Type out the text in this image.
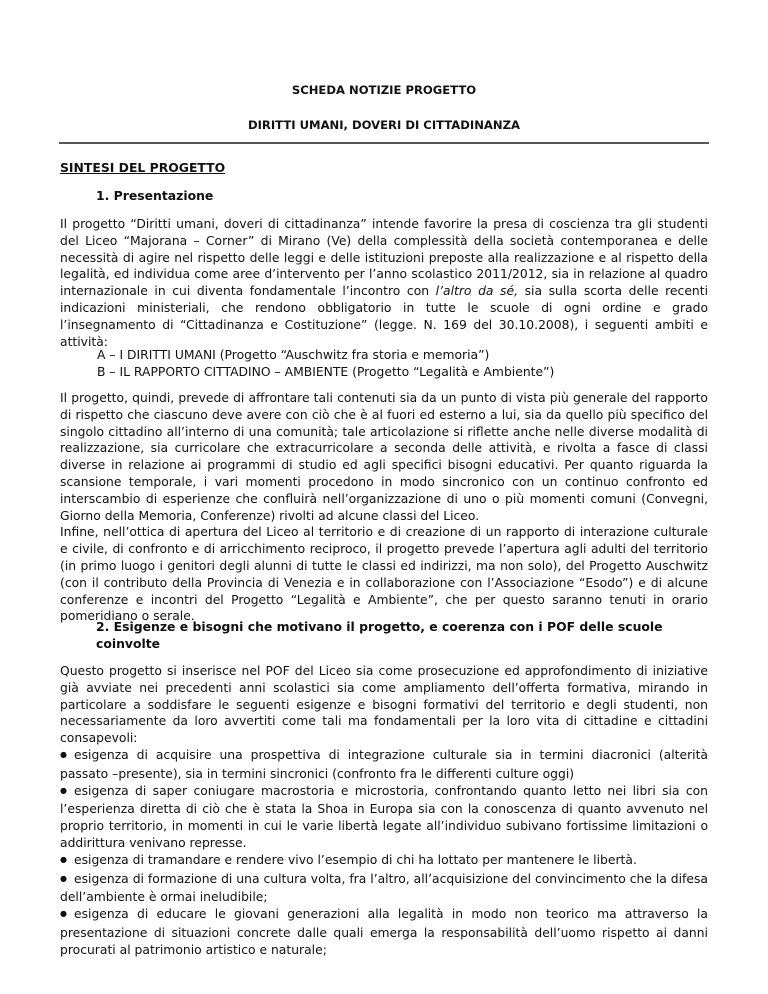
SCHEDA NOTIZIE PROGETTO
DIRITTI UMANI, DOVERI DI CITTADINANZA
SINTESI DEL PROGETTO
1. Presentazione

Il progetto “Diritti umani, doveri di cittadinanza” intende favorire la presa di coscienza tra gli studenti del Liceo “Majorana – Corner” di Mirano (Ve) della complessità della società contemporanea e delle necessità di agire nel rispetto delle leggi e delle istituzioni preposte alla realizzazione e al rispetto della legalità, ed individua come aree d’intervento per l’anno scolastico 2011/2012, sia in relazione al quadro internazionale in cui diventa fondamentale l’incontro con l’altro da sé, sia sulla scorta delle recenti indicazioni ministeriali, che rendono obbligatorio in tutte le scuole di ogni ordine e grado l’insegnamento di “Cittadinanza e Costituzione” (legge. N. 169 del 30.10.2008), i seguenti ambiti e attività:

A – I DIRITTI UMANI (Progetto “Auschwitz fra storia e memoria”)
B – IL RAPPORTO CITTADINO – AMBIENTE (Progetto “Legalità e Ambiente”)

Il progetto, quindi, prevede di affrontare tali contenuti sia da un punto di vista più generale del rapporto di rispetto che ciascuno deve avere con ciò che è al fuori ed esterno a lui, sia da quello più specifico del singolo cittadino all’interno di una comunità; tale articolazione si riflette anche nelle diverse modalità di realizzazione, sia curricolare che extracurricolare a seconda delle attività, e rivolta a fasce di classi diverse in relazione ai programmi di studio ed agli specifici bisogni educativi. Per quanto riguarda la scansione temporale, i vari momenti procedono in modo sincronico con un continuo confronto ed interscambio di esperienze che confluirà nell’organizzazione di uno o più momenti comuni (Convegni, Giorno della Memoria, Conferenze) rivolti ad alcune classi del Liceo.

Infine, nell’ottica di apertura del Liceo al territorio e di creazione di un rapporto di interazione culturale e civile, di confronto e di arricchimento reciproco, il progetto prevede l’apertura agli adulti del territorio (in primo luogo i genitori degli alunni di tutte le classi ed indirizzi, ma non solo), del Progetto Auschwitz (con il contributo della Provincia di Venezia e in collaborazione con l’Associazione “Esodo”) e di alcune conferenze e incontri del Progetto “Legalità e Ambiente”, che per questo saranno tenuti in orario pomeridiano o serale.

2. Esigenze e bisogni che motivano il progetto, e coerenza con i POF delle scuole coinvolte

Questo progetto si inserisce nel POF del Liceo sia come prosecuzione ed approfondimento di iniziative già avviate nei precedenti anni scolastici sia come ampliamento dell’offerta formativa, mirando in particolare a soddisfare le seguenti esigenze e bisogni formativi del territorio e degli studenti, non necessariamente da loro avvertiti come tali ma fondamentali per la loro vita di cittadine e cittadini consapevoli:

●esigenza di acquisire una prospettiva di integrazione culturale sia in termini diacronici (alterità passato –presente), sia in termini sincronici (confronto fra le differenti culture oggi)

●esigenza di saper coniugare macrostoria e microstoria, confrontando quanto letto nei libri sia con l’esperienza diretta di ciò che è stata la Shoa in Europa sia con la conoscenza di quanto avvenuto nel proprio territorio, in momenti in cui le varie libertà legate all’individuo subivano fortissime limitazioni o addirittura venivano represse.

●esigenza di tramandare e rendere vivo l’esempio di chi ha lottato per mantenere le libertà.

●esigenza di formazione di una cultura volta, fra l’altro, all’acquisizione del convincimento che la difesa dell’ambiente è ormai ineludibile;

●esigenza di educare le giovani generazioni alla legalità in modo non teorico ma attraverso la presentazione di situazioni concrete dalle quali emerga la responsabilità dell’uomo rispetto ai danni procurati al patrimonio artistico e naturale;
